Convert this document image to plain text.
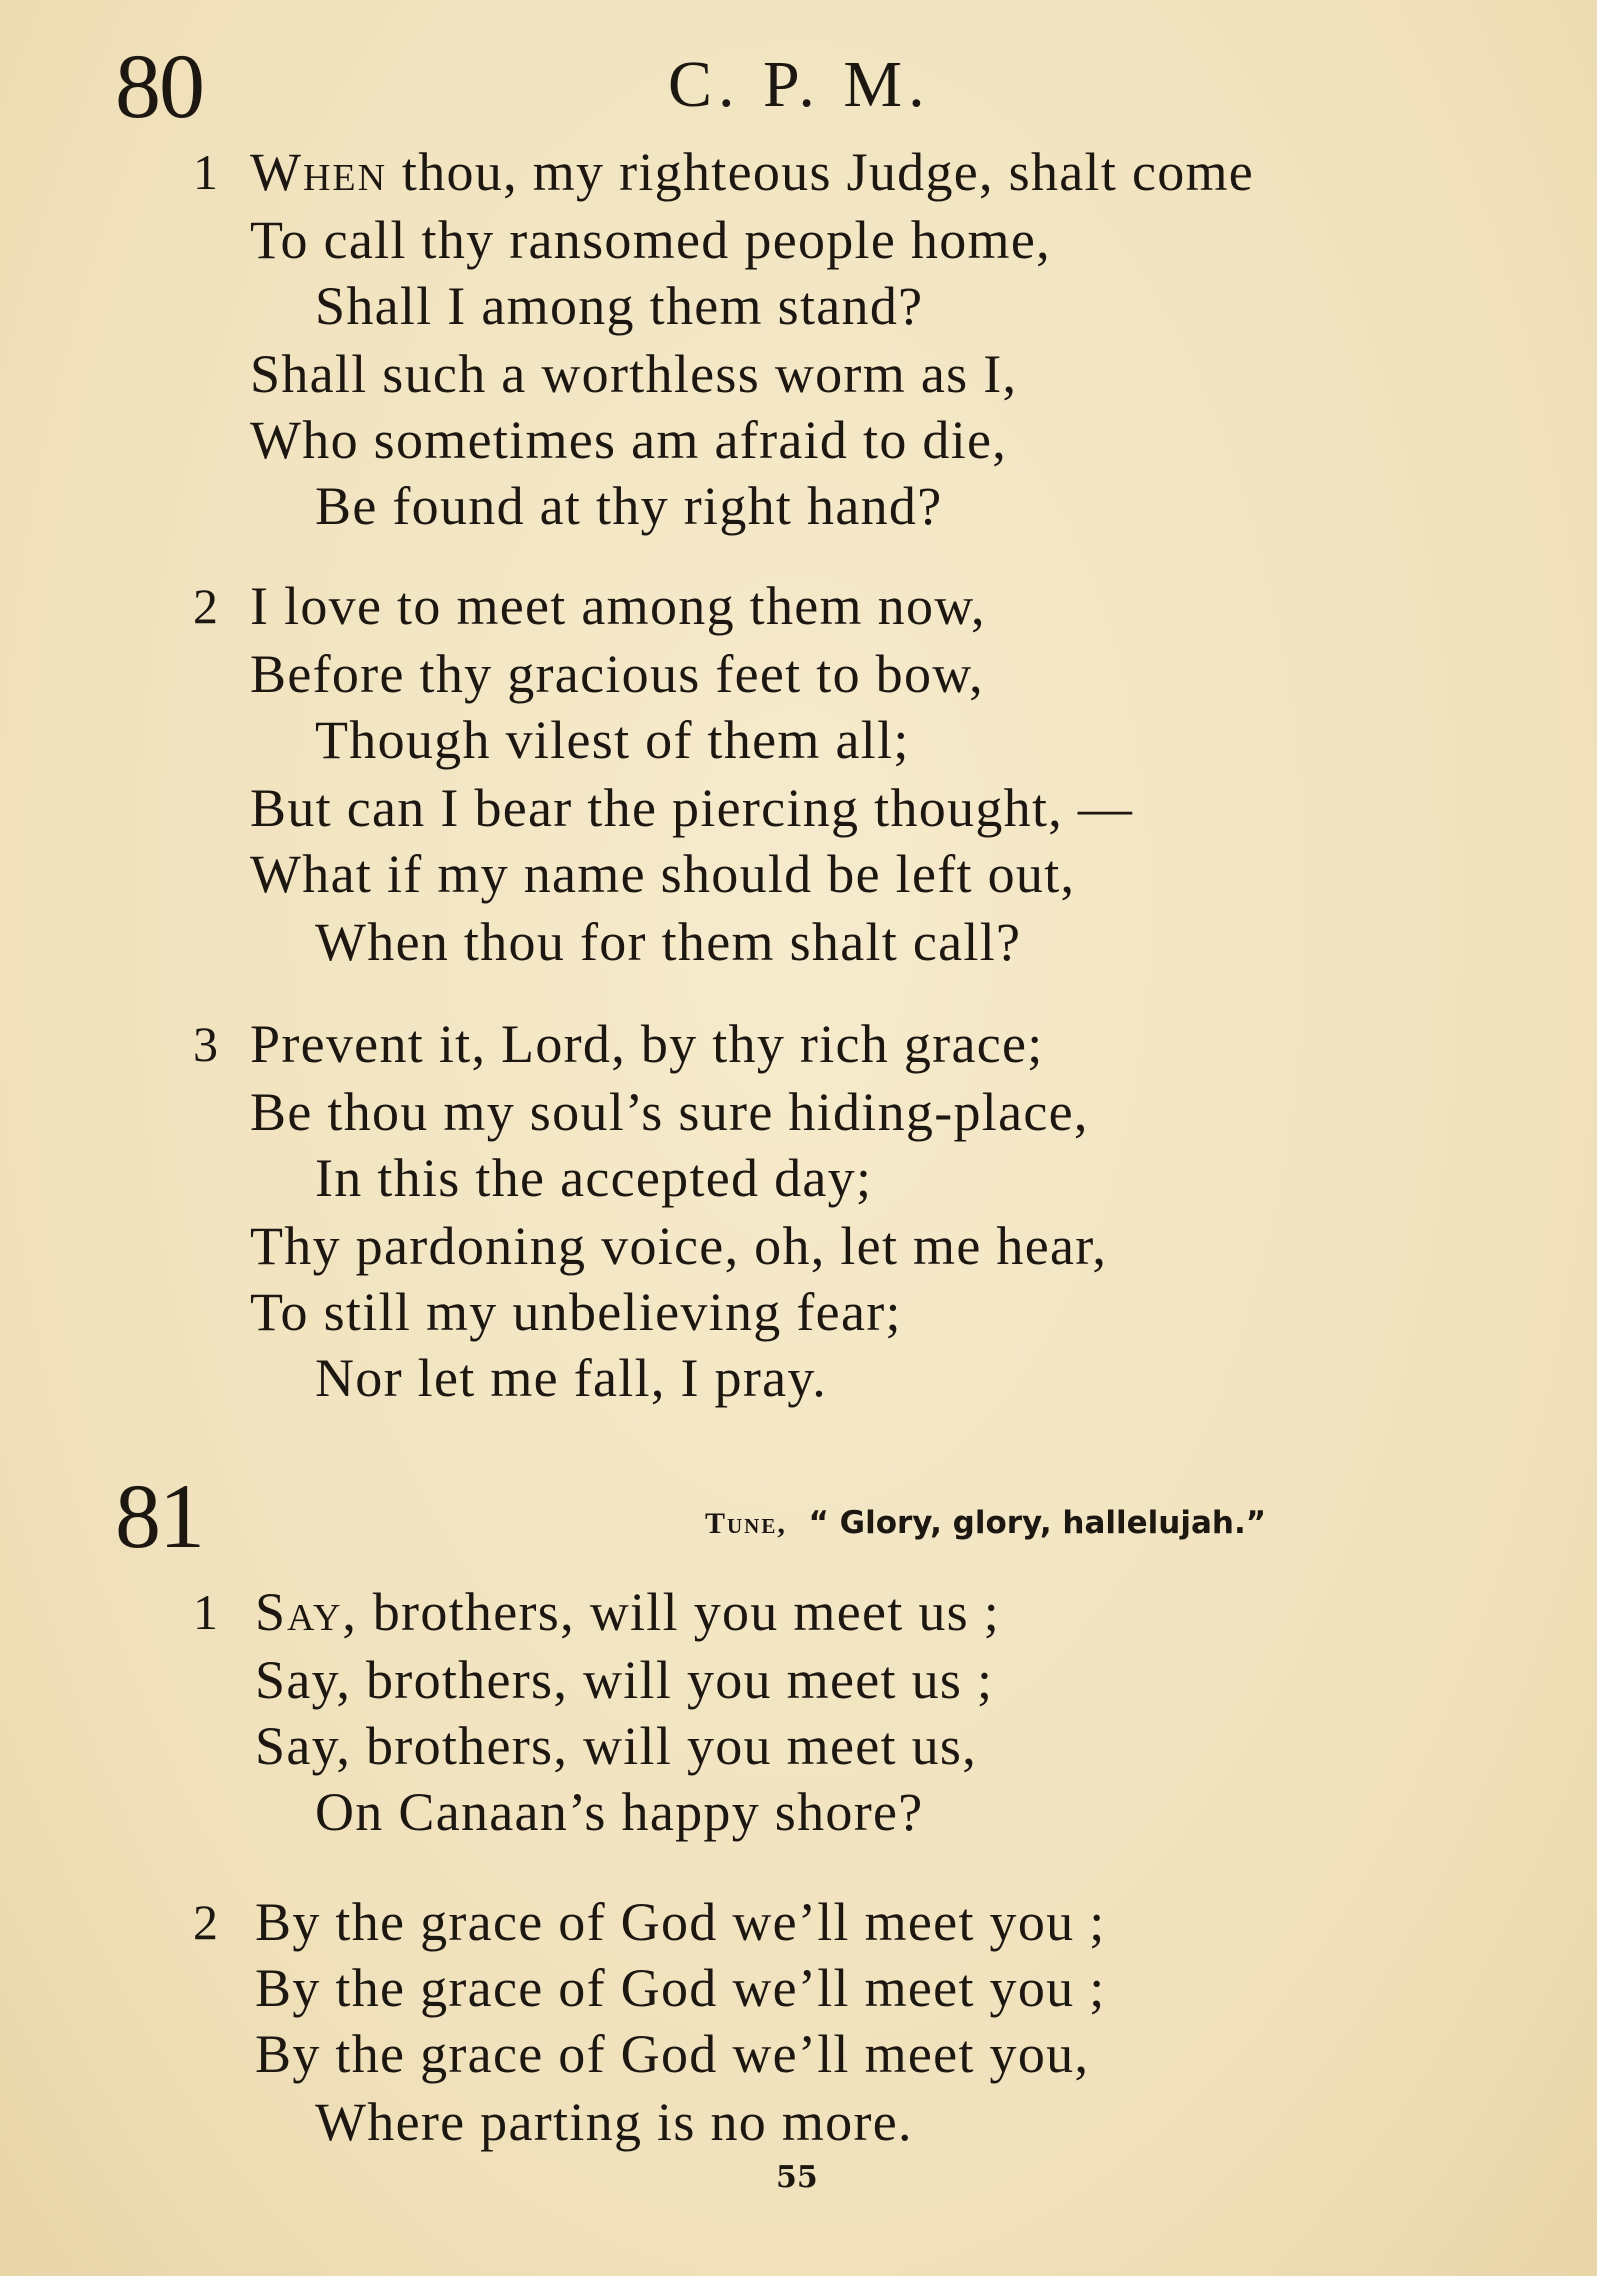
80	C. P. M.
1 When thou, my righteous Judge, shalt come
To call thy ransomed people home,
Shall I among them stand?
Shall such a worthless worm as I,
Who sometimes am afraid to die,
Be found at thy right hand?
2 I love to meet among them now,
Before thy gracious feet to bow,
Though vilest of them all;
But can I bear the piercing thought, —
What if my name should be left out,
When thou for them shalt call?
3 Prevent it, Lord, by thy rich grace;
Be thou my soul’s sure hiding-place,
In this the accepted day;
Thy pardoning voice, oh, let me hear,
To still my unbelieving fear;
Nor let me fall, I pray.
81	Tune, “ Glory, glory, hallelujah.”
1 Say, brothers, will you meet us ;
Say, brothers, will you meet us ;
Say, brothers, will you meet us,
On Canaan’s happy shore?
2 By the grace of God we’ll meet you ;
By the grace of God we’ll meet you ;
By the grace of God we’ll meet you,
Where parting is no more.
55
